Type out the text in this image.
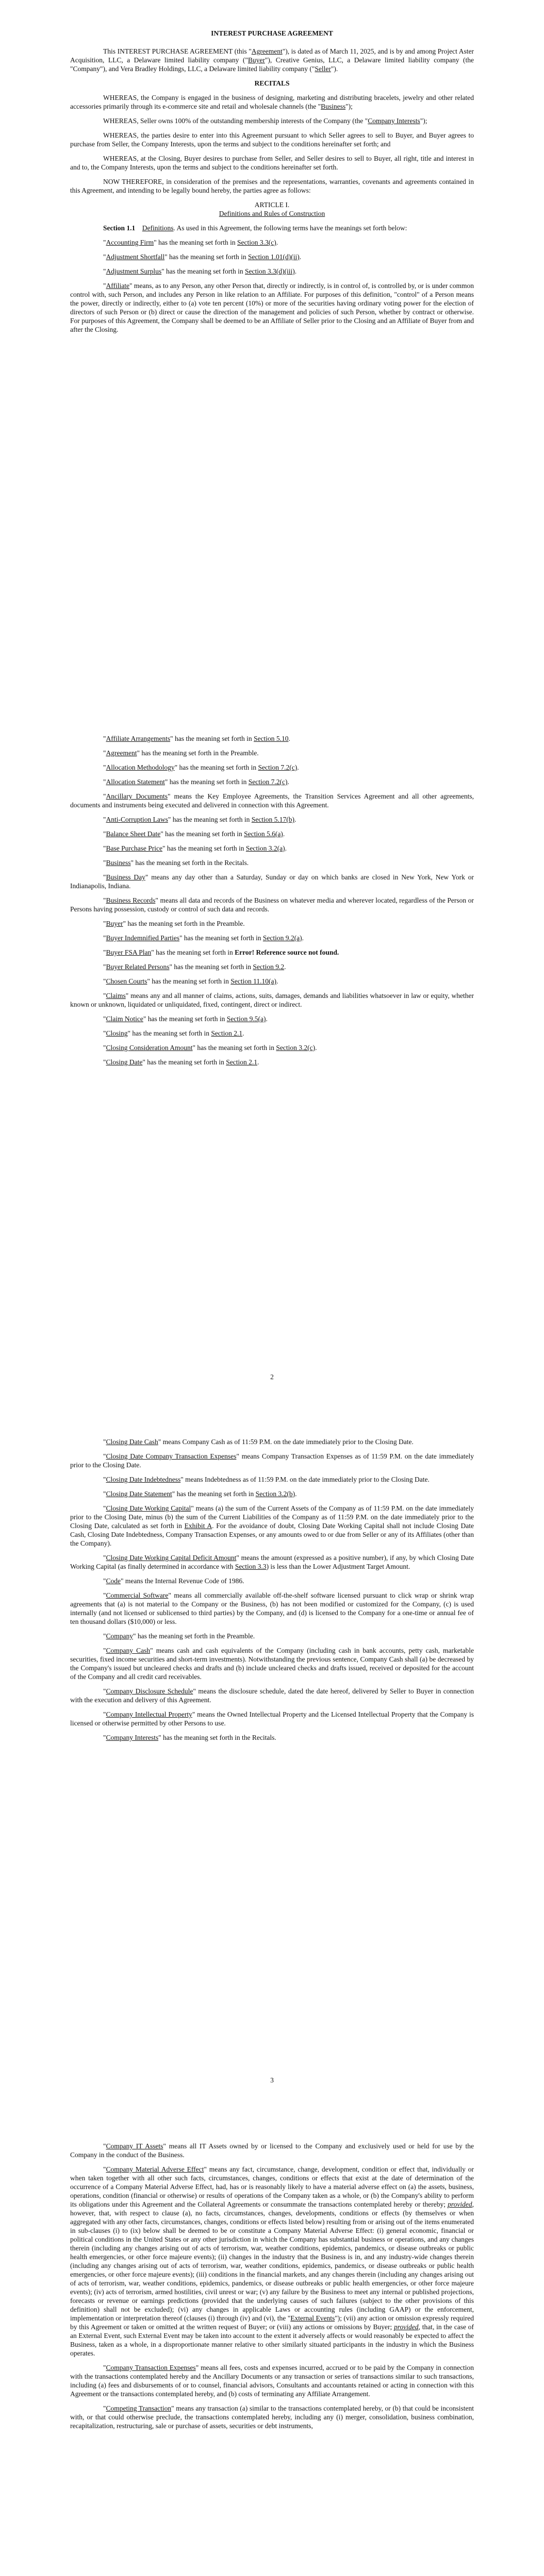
INTEREST PURCHASE AGREEMENT

This INTEREST PURCHASE AGREEMENT (this "Agreement"), is dated as of March 11, 2025, and is by and among Project Aster Acquisition, LLC, a Delaware limited liability company ("Buyer"), Creative Genius, LLC, a Delaware limited liability company (the "Company"), and Vera Bradley Holdings, LLC, a Delaware limited liability company ("Seller").

RECITALS

WHEREAS, the Company is engaged in the business of designing, marketing and distributing bracelets, jewelry and other related accessories primarily through its e-commerce site and retail and wholesale channels (the "Business");

WHEREAS, Seller owns 100% of the outstanding membership interests of the Company (the "Company Interests");

WHEREAS, the parties desire to enter into this Agreement pursuant to which Seller agrees to sell to Buyer, and Buyer agrees to purchase from Seller, the Company Interests, upon the terms and subject to the conditions hereinafter set forth; and

WHEREAS, at the Closing, Buyer desires to purchase from Seller, and Seller desires to sell to Buyer, all right, title and interest in and to, the Company Interests, upon the terms and subject to the conditions hereinafter set forth.

NOW THEREFORE, in consideration of the premises and the representations, warranties, covenants and agreements contained in this Agreement, and intending to be legally bound hereby, the parties agree as follows:

ARTICLE I.

Definitions and Rules of Construction

Section 1.1 Definitions. As used in this Agreement, the following terms have the meanings set forth below:

"Accounting Firm" has the meaning set forth in Section 3.3(c).

"Adjustment Shortfall" has the meaning set forth in Section 1.01(d)(ii).

"Adjustment Surplus" has the meaning set forth in Section 3.3(d)(iii).

"Affiliate" means, as to any Person, any other Person that, directly or indirectly, is in control of, is controlled by, or is under common control with, such Person, and includes any Person in like relation to an Affiliate. For purposes of this definition, "control" of a Person means the power, directly or indirectly, either to (a) vote ten percent (10%) or more of the securities having ordinary voting power for the election of directors of such Person or (b) direct or cause the direction of the management and policies of such Person, whether by contract or otherwise. For purposes of this Agreement, the Company shall be deemed to be an Affiliate of Seller prior to the Closing and an Affiliate of Buyer from and after the Closing.

"Affiliate Arrangements" has the meaning set forth in Section 5.10.

"Agreement" has the meaning set forth in the Preamble.

"Allocation Methodology" has the meaning set forth in Section 7.2(c).

"Allocation Statement" has the meaning set forth in Section 7.2(c).

"Ancillary Documents" means the Key Employee Agreements, the Transition Services Agreement and all other agreements, documents and instruments being executed and delivered in connection with this Agreement.

"Anti-Corruption Laws" has the meaning set forth in Section 5.17(b).

"Balance Sheet Date" has the meaning set forth in Section 5.6(a).

"Base Purchase Price" has the meaning set forth in Section 3.2(a).

"Business" has the meaning set forth in the Recitals.

"Business Day" means any day other than a Saturday, Sunday or day on which banks are closed in New York, New York or Indianapolis, Indiana.

"Business Records" means all data and records of the Business on whatever media and wherever located, regardless of the Person or Persons having possession, custody or control of such data and records.

"Buyer" has the meaning set forth in the Preamble.

"Buyer Indemnified Parties" has the meaning set forth in Section 9.2(a).

"Buyer FSA Plan" has the meaning set forth in Error! Reference source not found.

"Buyer Related Persons" has the meaning set forth in Section 9.2.

"Chosen Courts" has the meaning set forth in Section 11.10(a).

"Claims" means any and all manner of claims, actions, suits, damages, demands and liabilities whatsoever in law or equity, whether known or unknown, liquidated or unliquidated, fixed, contingent, direct or indirect.

"Claim Notice" has the meaning set forth in Section 9.5(a).

"Closing" has the meaning set forth in Section 2.1.

"Closing Consideration Amount" has the meaning set forth in Section 3.2(c).

"Closing Date" has the meaning set forth in Section 2.1.

2

"Closing Date Cash" means Company Cash as of 11:59 P.M. on the date immediately prior to the Closing Date.

"Closing Date Company Transaction Expenses" means Company Transaction Expenses as of 11:59 P.M. on the date immediately prior to the Closing Date.

"Closing Date Indebtedness" means Indebtedness as of 11:59 P.M. on the date immediately prior to the Closing Date.

"Closing Date Statement" has the meaning set forth in Section 3.2(b).

"Closing Date Working Capital" means (a) the sum of the Current Assets of the Company as of 11:59 P.M. on the date immediately prior to the Closing Date, minus (b) the sum of the Current Liabilities of the Company as of 11:59 P.M. on the date immediately prior to the Closing Date, calculated as set forth in Exhibit A. For the avoidance of doubt, Closing Date Working Capital shall not include Closing Date Cash, Closing Date Indebtedness, Company Transaction Expenses, or any amounts owed to or due from Seller or any of its Affiliates (other than the Company).

"Closing Date Working Capital Deficit Amount" means the amount (expressed as a positive number), if any, by which Closing Date Working Capital (as finally determined in accordance with Section 3.3) is less than the Lower Adjustment Target Amount.

"Code" means the Internal Revenue Code of 1986.

"Commercial Software" means all commercially available off-the-shelf software licensed pursuant to click wrap or shrink wrap agreements that (a) is not material to the Company or the Business, (b) has not been modified or customized for the Company, (c) is used internally (and not licensed or sublicensed to third parties) by the Company, and (d) is licensed to the Company for a one-time or annual fee of ten thousand dollars ($10,000) or less.

"Company" has the meaning set forth in the Preamble.

"Company Cash" means cash and cash equivalents of the Company (including cash in bank accounts, petty cash, marketable securities, fixed income securities and short-term investments). Notwithstanding the previous sentence, Company Cash shall (a) be decreased by the Company's issued but uncleared checks and drafts and (b) include uncleared checks and drafts issued, received or deposited for the account of the Company and all credit card receivables.

"Company Disclosure Schedule" means the disclosure schedule, dated the date hereof, delivered by Seller to Buyer in connection with the execution and delivery of this Agreement.

"Company Intellectual Property" means the Owned Intellectual Property and the Licensed Intellectual Property that the Company is licensed or otherwise permitted by other Persons to use.

"Company Interests" has the meaning set forth in the Recitals.

3

"Company IT Assets" means all IT Assets owned by or licensed to the Company and exclusively used or held for use by the Company in the conduct of the Business.

"Company Material Adverse Effect" means any fact, circumstance, change, development, condition or effect that, individually or when taken together with all other such facts, circumstances, changes, conditions or effects that exist at the date of determination of the occurrence of a Company Material Adverse Effect, had, has or is reasonably likely to have a material adverse effect on (a) the assets, business, operations, condition (financial or otherwise) or results of operations of the Company taken as a whole, or (b) the Company's ability to perform its obligations under this Agreement and the Collateral Agreements or consummate the transactions contemplated hereby or thereby; provided, however, that, with respect to clause (a), no facts, circumstances, changes, developments, conditions or effects (by themselves or when aggregated with any other facts, circumstances, changes, conditions or effects listed below) resulting from or arising out of the items enumerated in sub-clauses (i) to (ix) below shall be deemed to be or constitute a Company Material Adverse Effect: (i) general economic, financial or political conditions in the United States or any other jurisdiction in which the Company has substantial business or operations, and any changes therein (including any changes arising out of acts of terrorism, war, weather conditions, epidemics, pandemics, or disease outbreaks or public health emergencies, or other force majeure events); (ii) changes in the industry that the Business is in, and any industry-wide changes therein (including any changes arising out of acts of terrorism, war, weather conditions, epidemics, pandemics, or disease outbreaks or public health emergencies, or other force majeure events); (iii) conditions in the financial markets, and any changes therein (including any changes arising out of acts of terrorism, war, weather conditions, epidemics, pandemics, or disease outbreaks or public health emergencies, or other force majeure events); (iv) acts of terrorism, armed hostilities, civil unrest or war; (v) any failure by the Business to meet any internal or published projections, forecasts or revenue or earnings predictions (provided that the underlying causes of such failures (subject to the other provisions of this definition) shall not be excluded); (vi) any changes in applicable Laws or accounting rules (including GAAP) or the enforcement, implementation or interpretation thereof (clauses (i) through (iv) and (vi), the "External Events"); (vii) any action or omission expressly required by this Agreement or taken or omitted at the written request of Buyer; or (viii) any actions or omissions by Buyer; provided, that, in the case of an External Event, such External Event may be taken into account to the extent it adversely affects or would reasonably be expected to affect the Business, taken as a whole, in a disproportionate manner relative to other similarly situated participants in the industry in which the Business operates.

"Company Transaction Expenses" means all fees, costs and expenses incurred, accrued or to be paid by the Company in connection with the transactions contemplated hereby and the Ancillary Documents or any transaction or series of transactions similar to such transactions, including (a) fees and disbursements of or to counsel, financial advisors, Consultants and accountants retained or acting in connection with this Agreement or the transactions contemplated hereby, and (b) costs of terminating any Affiliate Arrangement.

"Competing Transaction" means any transaction (a) similar to the transactions contemplated hereby, or (b) that could be inconsistent with, or that could otherwise preclude, the transactions contemplated hereby, including any (i) merger, consolidation, business combination, recapitalization, restructuring, sale or purchase of assets, securities or debt instruments,
